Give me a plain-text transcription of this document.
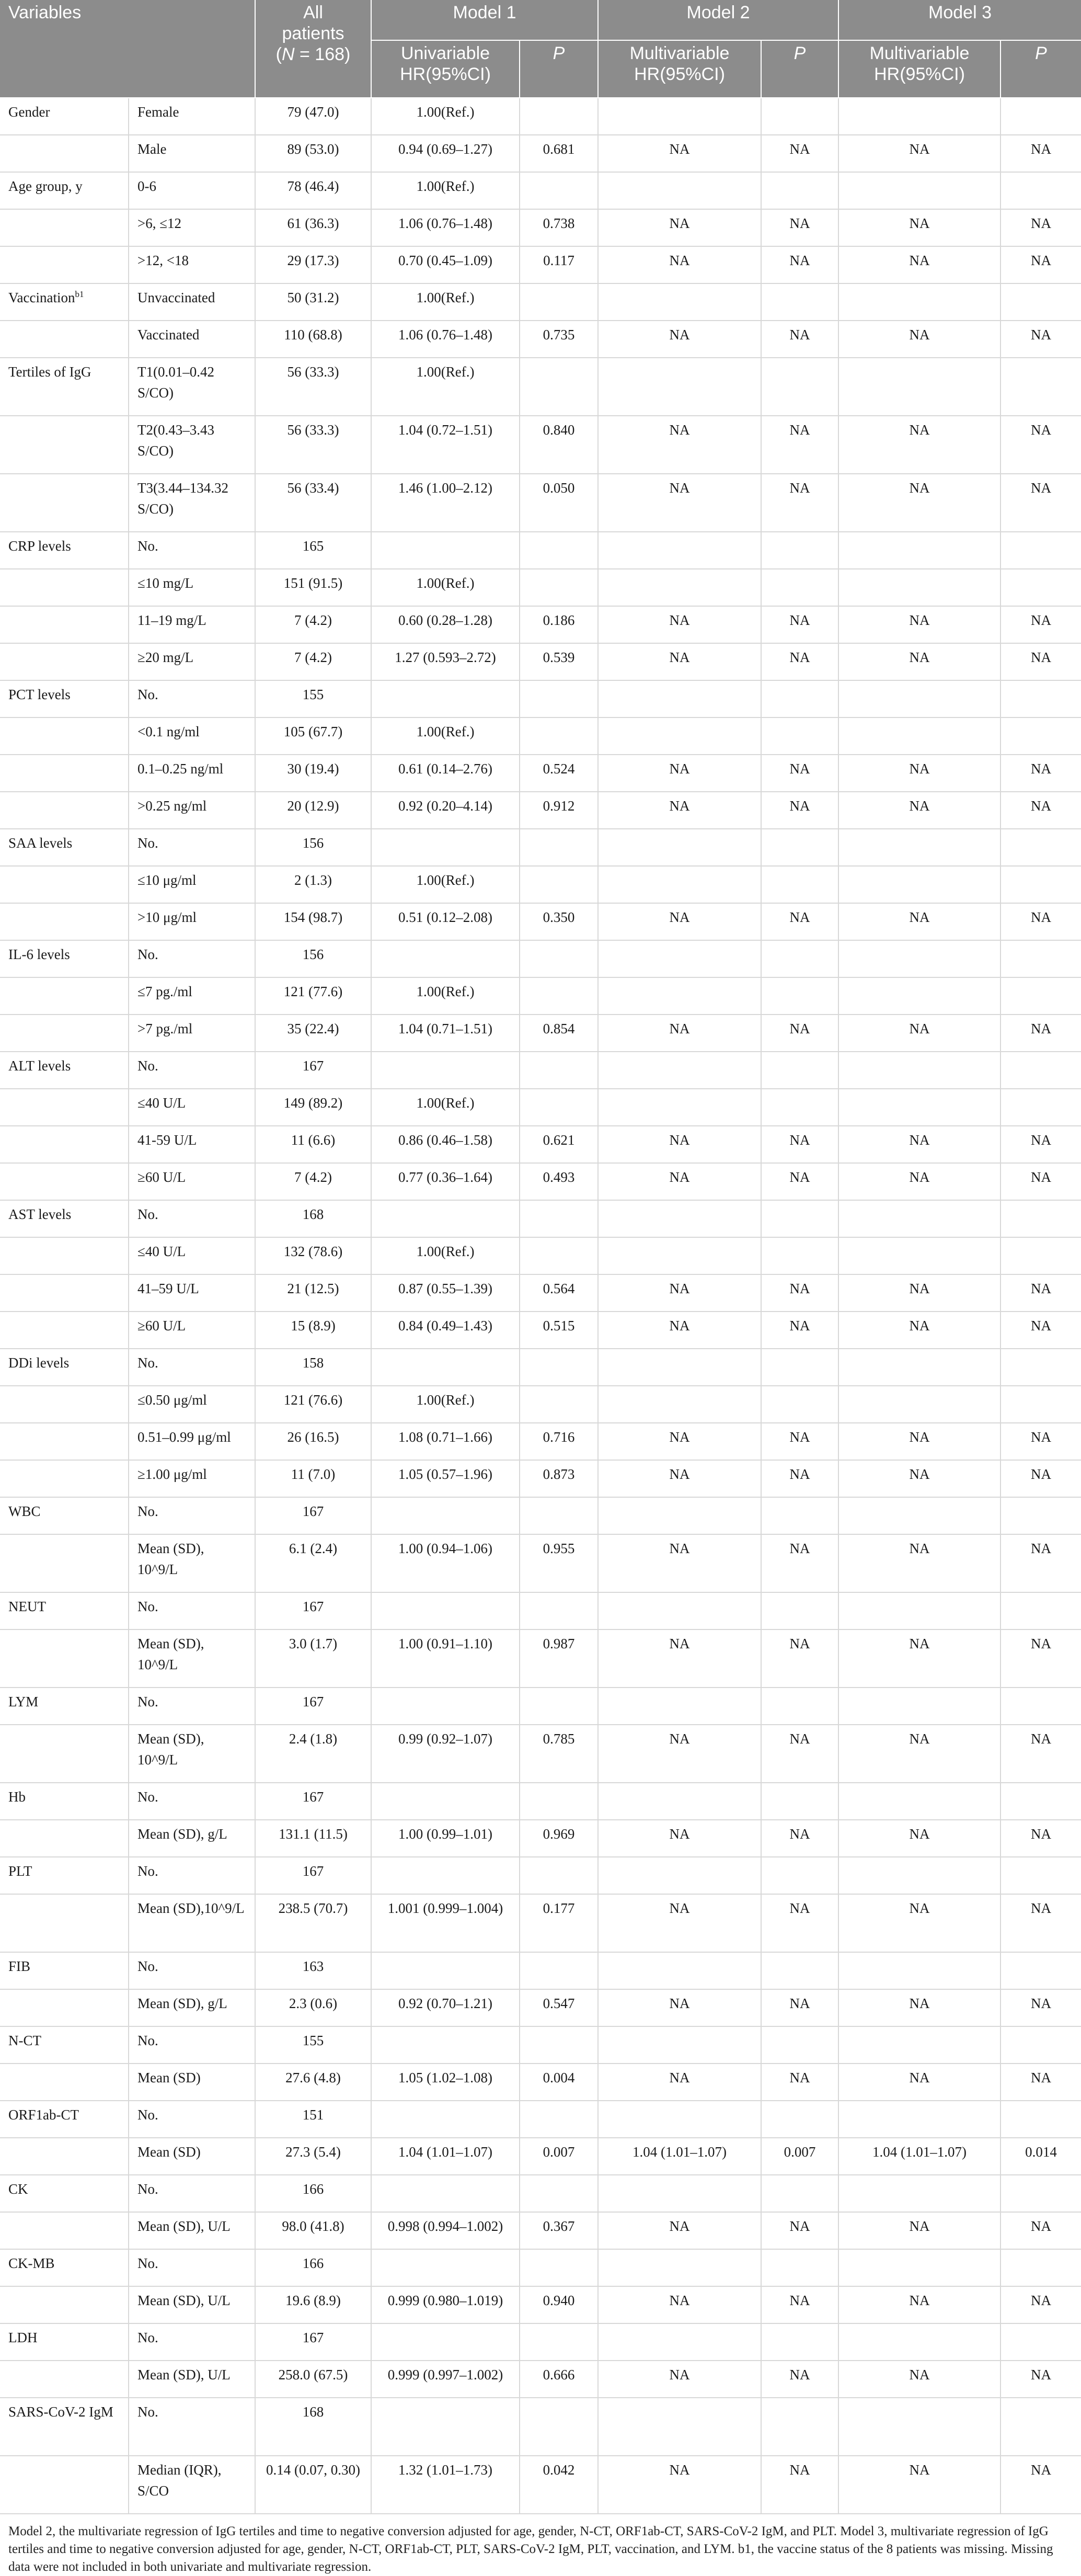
Variables		All
patients
(N = 168)	Model 1		Model 2		Model 3	
			Univariable HR(95%CI)	P	Multivariable HR(95%CI)	P	Multivariable HR(95%CI)	P
Gender	Female	79 (47.0)	1.00(Ref.)					
	Male	89 (53.0)	0.94 (0.69–1.27)	0.681	NA	NA	NA	NA
Age group, y	0-6	78 (46.4)	1.00(Ref.)					
	>6, ≤12	61 (36.3)	1.06 (0.76–1.48)	0.738	NA	NA	NA	NA
	>12, <18	29 (17.3)	0.70 (0.45–1.09)	0.117	NA	NA	NA	NA
Vaccination$^{b1}$	Unvaccinated	50 (31.2)	1.00(Ref.)					
	Vaccinated	110 (68.8)	1.06 (0.76–1.48)	0.735	NA	NA	NA	NA
Tertiles of IgG	T1(0.01–0.42 S/CO)	56 (33.3)	1.00(Ref.)					
	T2(0.43–3.43 S/CO)	56 (33.3)	1.04 (0.72–1.51)	0.840	NA	NA	NA	NA
	T3(3.44–134.32 S/CO)	56 (33.4)	1.46 (1.00–2.12)	0.050	NA	NA	NA	NA
CRP levels	No.	165						
	≤10 mg/L	151 (91.5)	1.00(Ref.)					
	11–19 mg/L	7 (4.2)	0.60 (0.28–1.28)	0.186	NA	NA	NA	NA
	≥20 mg/L	7 (4.2)	1.27 (0.593–2.72)	0.539	NA	NA	NA	NA
PCT levels	No.	155						
	<0.1 ng/ml	105 (67.7)	1.00(Ref.)					
	0.1–0.25 ng/ml	30 (19.4)	0.61 (0.14–2.76)	0.524	NA	NA	NA	NA
	>0.25 ng/ml	20 (12.9)	0.92 (0.20–4.14)	0.912	NA	NA	NA	NA
SAA levels	No.	156						
	≤10 μg/ml	2 (1.3)	1.00(Ref.)					
	>10 μg/ml	154 (98.7)	0.51 (0.12–2.08)	0.350	NA	NA	NA	NA
IL-6 levels	No.	156						
	≤7 pg./ml	121 (77.6)	1.00(Ref.)					
	>7 pg./ml	35 (22.4)	1.04 (0.71–1.51)	0.854	NA	NA	NA	NA
ALT levels	No.	167						
	≤40 U/L	149 (89.2)	1.00(Ref.)					
	41-59 U/L	11 (6.6)	0.86 (0.46–1.58)	0.621	NA	NA	NA	NA
	≥60 U/L	7 (4.2)	0.77 (0.36–1.64)	0.493	NA	NA	NA	NA
AST levels	No.	168						
	≤40 U/L	132 (78.6)	1.00(Ref.)					
	41–59 U/L	21 (12.5)	0.87 (0.55–1.39)	0.564	NA	NA	NA	NA
	≥60 U/L	15 (8.9)	0.84 (0.49–1.43)	0.515	NA	NA	NA	NA
DDi levels	No.	158						
	≤0.50 μg/ml	121 (76.6)	1.00(Ref.)					
	0.51–0.99 μg/ml	26 (16.5)	1.08 (0.71–1.66)	0.716	NA	NA	NA	NA
	≥1.00 μg/ml	11 (7.0)	1.05 (0.57–1.96)	0.873	NA	NA	NA	NA
WBC	No.	167						
	Mean (SD), 10^9/L	6.1 (2.4)	1.00 (0.94–1.06)	0.955	NA	NA	NA	NA
NEUT	No.	167						
	Mean (SD), 10^9/L	3.0 (1.7)	1.00 (0.91–1.10)	0.987	NA	NA	NA	NA
LYM	No.	167						
	Mean (SD), 10^9/L	2.4 (1.8)	0.99 (0.92–1.07)	0.785	NA	NA	NA	NA
Hb	No.	167						
	Mean (SD), g/L	131.1 (11.5)	1.00 (0.99–1.01)	0.969	NA	NA	NA	NA
PLT	No.	167						
	Mean (SD),10^9/L	238.5 (70.7)	1.001 (0.999–1.004)	0.177	NA	NA	NA	NA
FIB	No.	163						
	Mean (SD), g/L	2.3 (0.6)	0.92 (0.70–1.21)	0.547	NA	NA	NA	NA
N-CT	No.	155						
	Mean (SD)	27.6 (4.8)	1.05 (1.02–1.08)	0.004	NA	NA	NA	NA
ORF1ab-CT	No.	151						
	Mean (SD)	27.3 (5.4)	1.04 (1.01–1.07)	0.007	1.04 (1.01–1.07)	0.007	1.04 (1.01–1.07)	0.014
CK	No.	166						
	Mean (SD), U/L	98.0 (41.8)	0.998 (0.994–1.002)	0.367	NA	NA	NA	NA
CK-MB	No.	166						
	Mean (SD), U/L	19.6 (8.9)	0.999 (0.980–1.019)	0.940	NA	NA	NA	NA
LDH	No.	167						
	Mean (SD), U/L	258.0 (67.5)	0.999 (0.997–1.002)	0.666	NA	NA	NA	NA
SARS-CoV-2 IgM	No.	168						
	Median (IQR), S/CO	0.14 (0.07, 0.30)	1.32 (1.01–1.73)	0.042	NA	NA	NA	NA
Model 2, the multivariate regression of IgG tertiles and time to negative conversion adjusted for age, gender, N-CT, ORF1ab-CT, SARS-CoV-2 IgM, and PLT. Model 3, multivariate regression of IgG tertiles and time to negative conversion adjusted for age, gender, N-CT, ORF1ab-CT, PLT, SARS-CoV-2 IgM, PLT, vaccination, and LYM. b1, the vaccine status of the 8 patients was missing. Missing data were not included in both univariate and multivariate regression.
